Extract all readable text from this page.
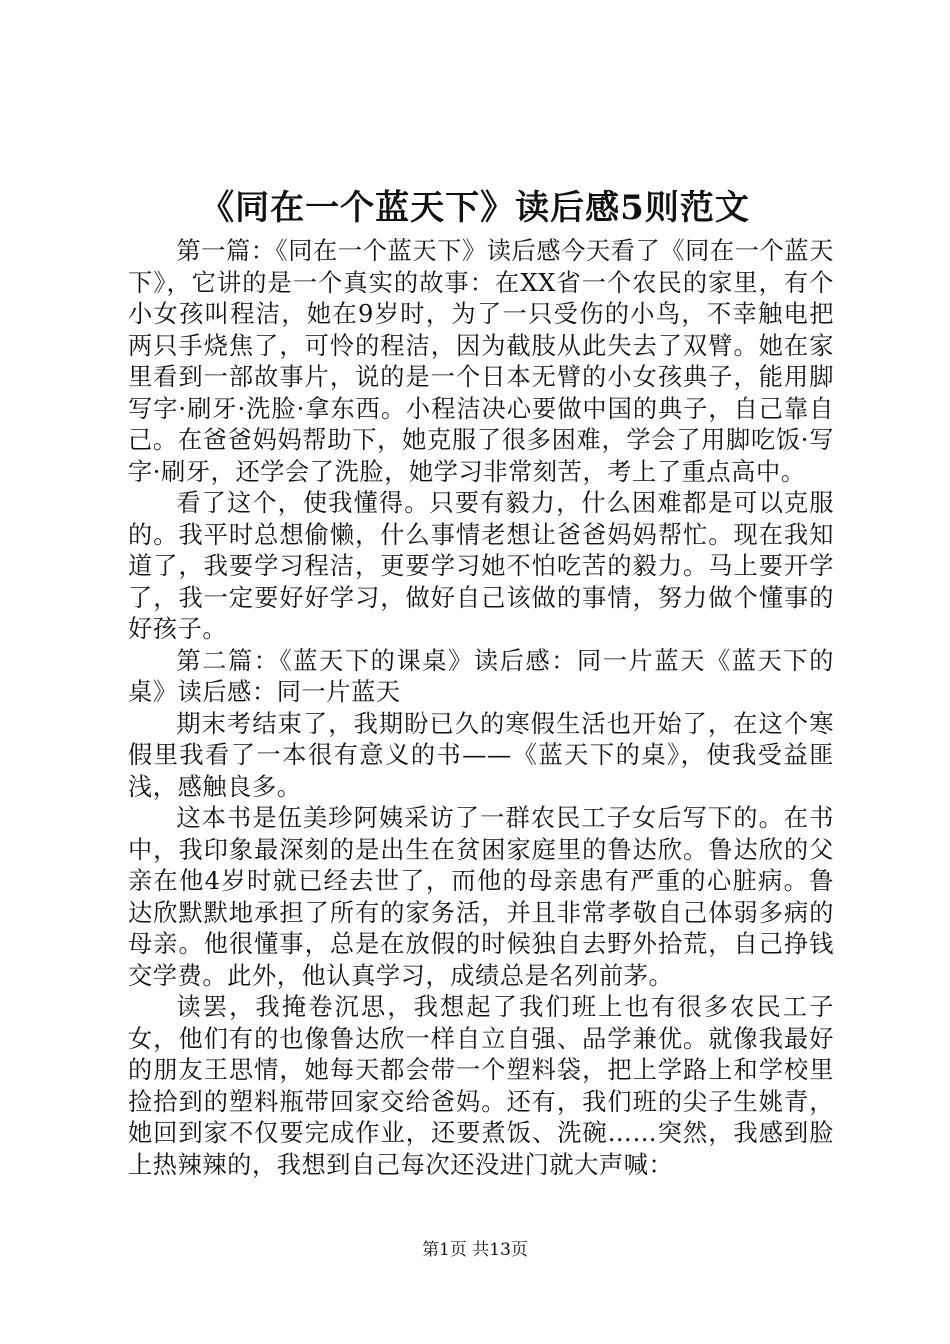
《同在一个蓝天下》读后感5则范文

第一篇：《同在一个蓝天下》读后感今天看了《同在一个蓝天下》，它讲的是一个真实的故事：在XX省一个农民的家里，有个小女孩叫程洁，她在9岁时，为了一只受伤的小鸟，不幸触电把两只手烧焦了，可怜的程洁，因为截肢从此失去了双臂。她在家里看到一部故事片，说的是一个日本无臂的小女孩典子，能用脚写字·刷牙·洗脸·拿东西。小程洁决心要做中国的典子，自己靠自己。在爸爸妈妈帮助下，她克服了很多困难，学会了用脚吃饭·写字·刷牙，还学会了洗脸，她学习非常刻苦，考上了重点高中。

看了这个，使我懂得。只要有毅力，什么困难都是可以克服的。我平时总想偷懒，什么事情老想让爸爸妈妈帮忙。现在我知道了，我要学习程洁，更要学习她不怕吃苦的毅力。马上要开学了，我一定要好好学习，做好自己该做的事情，努力做个懂事的好孩子。

第二篇：《蓝天下的课桌》读后感：同一片蓝天《蓝天下的桌》读后感：同一片蓝天

期末考结束了，我期盼已久的寒假生活也开始了，在这个寒假里我看了一本很有意义的书——《蓝天下的桌》，使我受益匪浅，感触良多。

这本书是伍美珍阿姨采访了一群农民工子女后写下的。在书中，我印象最深刻的是出生在贫困家庭里的鲁达欣。鲁达欣的父亲在他4岁时就已经去世了，而他的母亲患有严重的心脏病。鲁达欣默默地承担了所有的家务活，并且非常孝敬自己体弱多病的母亲。他很懂事，总是在放假的时候独自去野外拾荒，自己挣钱交学费。此外，他认真学习，成绩总是名列前茅。

读罢，我掩卷沉思，我想起了我们班上也有很多农民工子女，他们有的也像鲁达欣一样自立自强、品学兼优。就像我最好的朋友王思情，她每天都会带一个塑料袋，把上学路上和学校里捡拾到的塑料瓶带回家交给爸妈。还有，我们班的尖子生姚青，她回到家不仅要完成作业，还要煮饭、洗碗……突然，我感到脸上热辣辣的，我想到自己每次还没进门就大声喊：

第1页 共13页
